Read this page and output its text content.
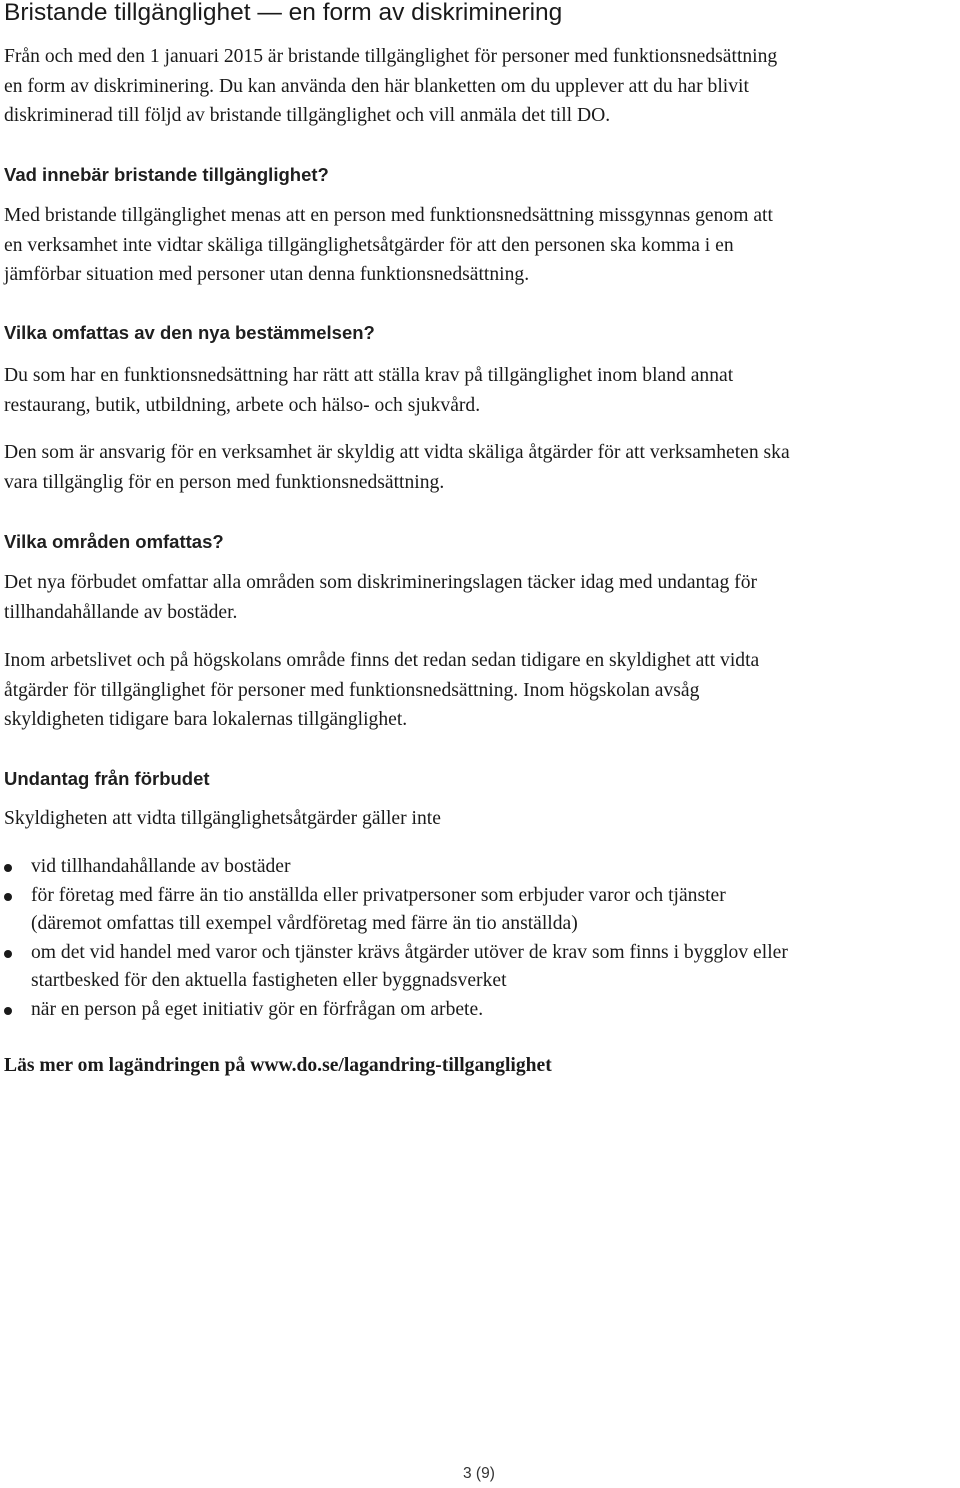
Bristande tillgänglighet — en form av diskriminering

Från och med den 1 januari 2015 är bristande tillgänglighet för personer med funktionsnedsättning
en form av diskriminering. Du kan använda den här blanketten om du upplever att du har blivit
diskriminerad till följd av bristande tillgänglighet och vill anmäla det till DO.

Vad innebär bristande tillgänglighet?

Med bristande tillgänglighet menas att en person med funktionsnedsättning missgynnas genom att
en verksamhet inte vidtar skäliga tillgänglighetsåtgärder för att den personen ska komma i en
jämförbar situation med personer utan denna funktionsnedsättning.

Vilka omfattas av den nya bestämmelsen?

Du som har en funktionsnedsättning har rätt att ställa krav på tillgänglighet inom bland annat
restaurang, butik, utbildning, arbete och hälso- och sjukvård.

Den som är ansvarig för en verksamhet är skyldig att vidta skäliga åtgärder för att verksamheten ska
vara tillgänglig för en person med funktionsnedsättning.

Vilka områden omfattas?

Det nya förbudet omfattar alla områden som diskrimineringslagen täcker idag med undantag för
tillhandahållande av bostäder.

Inom arbetslivet och på högskolans område finns det redan sedan tidigare en skyldighet att vidta
åtgärder för tillgänglighet för personer med funktionsnedsättning. Inom högskolan avsåg
skyldigheten tidigare bara lokalernas tillgänglighet.

Undantag från förbudet

Skyldigheten att vidta tillgänglighetsåtgärder gäller inte

vid tillhandahållande av bostäder
för företag med färre än tio anställda eller privatpersoner som erbjuder varor och tjänster
(däremot omfattas till exempel vårdföretag med färre än tio anställda)
om det vid handel med varor och tjänster krävs åtgärder utöver de krav som finns i bygglov eller
startbesked för den aktuella fastigheten eller byggnadsverket
när en person på eget initiativ gör en förfrågan om arbete.

Läs mer om lagändringen på www.do.se/lagandring-tillganglighet

3 (9)
